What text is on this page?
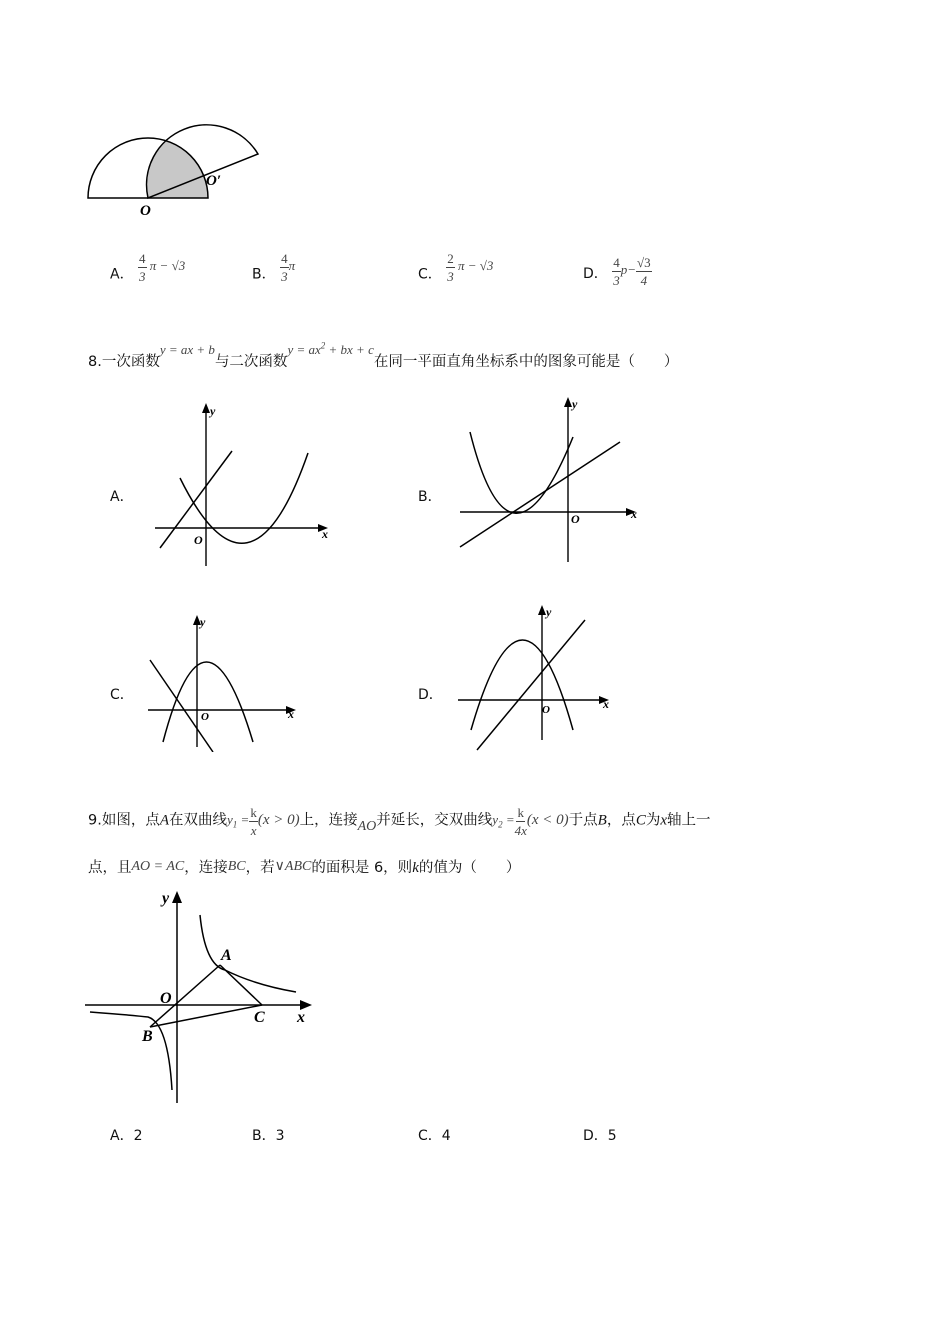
O
O′
A． $\frac{4}{3}$ π − √3
B． $\frac{4}{3}$ π
C． $\frac{2}{3}$ π − √3
D． $\frac{4}{3} p- \frac{√3}{4}$
8.一次函数y = ax + b与二次函数$y = ax^2$ + bx + c在同一平面直角坐标系中的图象可能是（　　）
A．	B．
C．	D．
x
y
O
x
y
O
x
y
O
x
y
O
9.如图，点A在双曲线$y_1 = \frac{k}{x} (x > 0)$上，连接AO并延长，交双曲线$y_2 = \frac{k}{4x} (x < 0)$于点B，点C为x轴上一
点，且AO = AC，连接BC，若∨ABC的面积是 6，则k的值为（　　）
y
x
O
A
B
C
A．2	B．3	C．4	D．5
